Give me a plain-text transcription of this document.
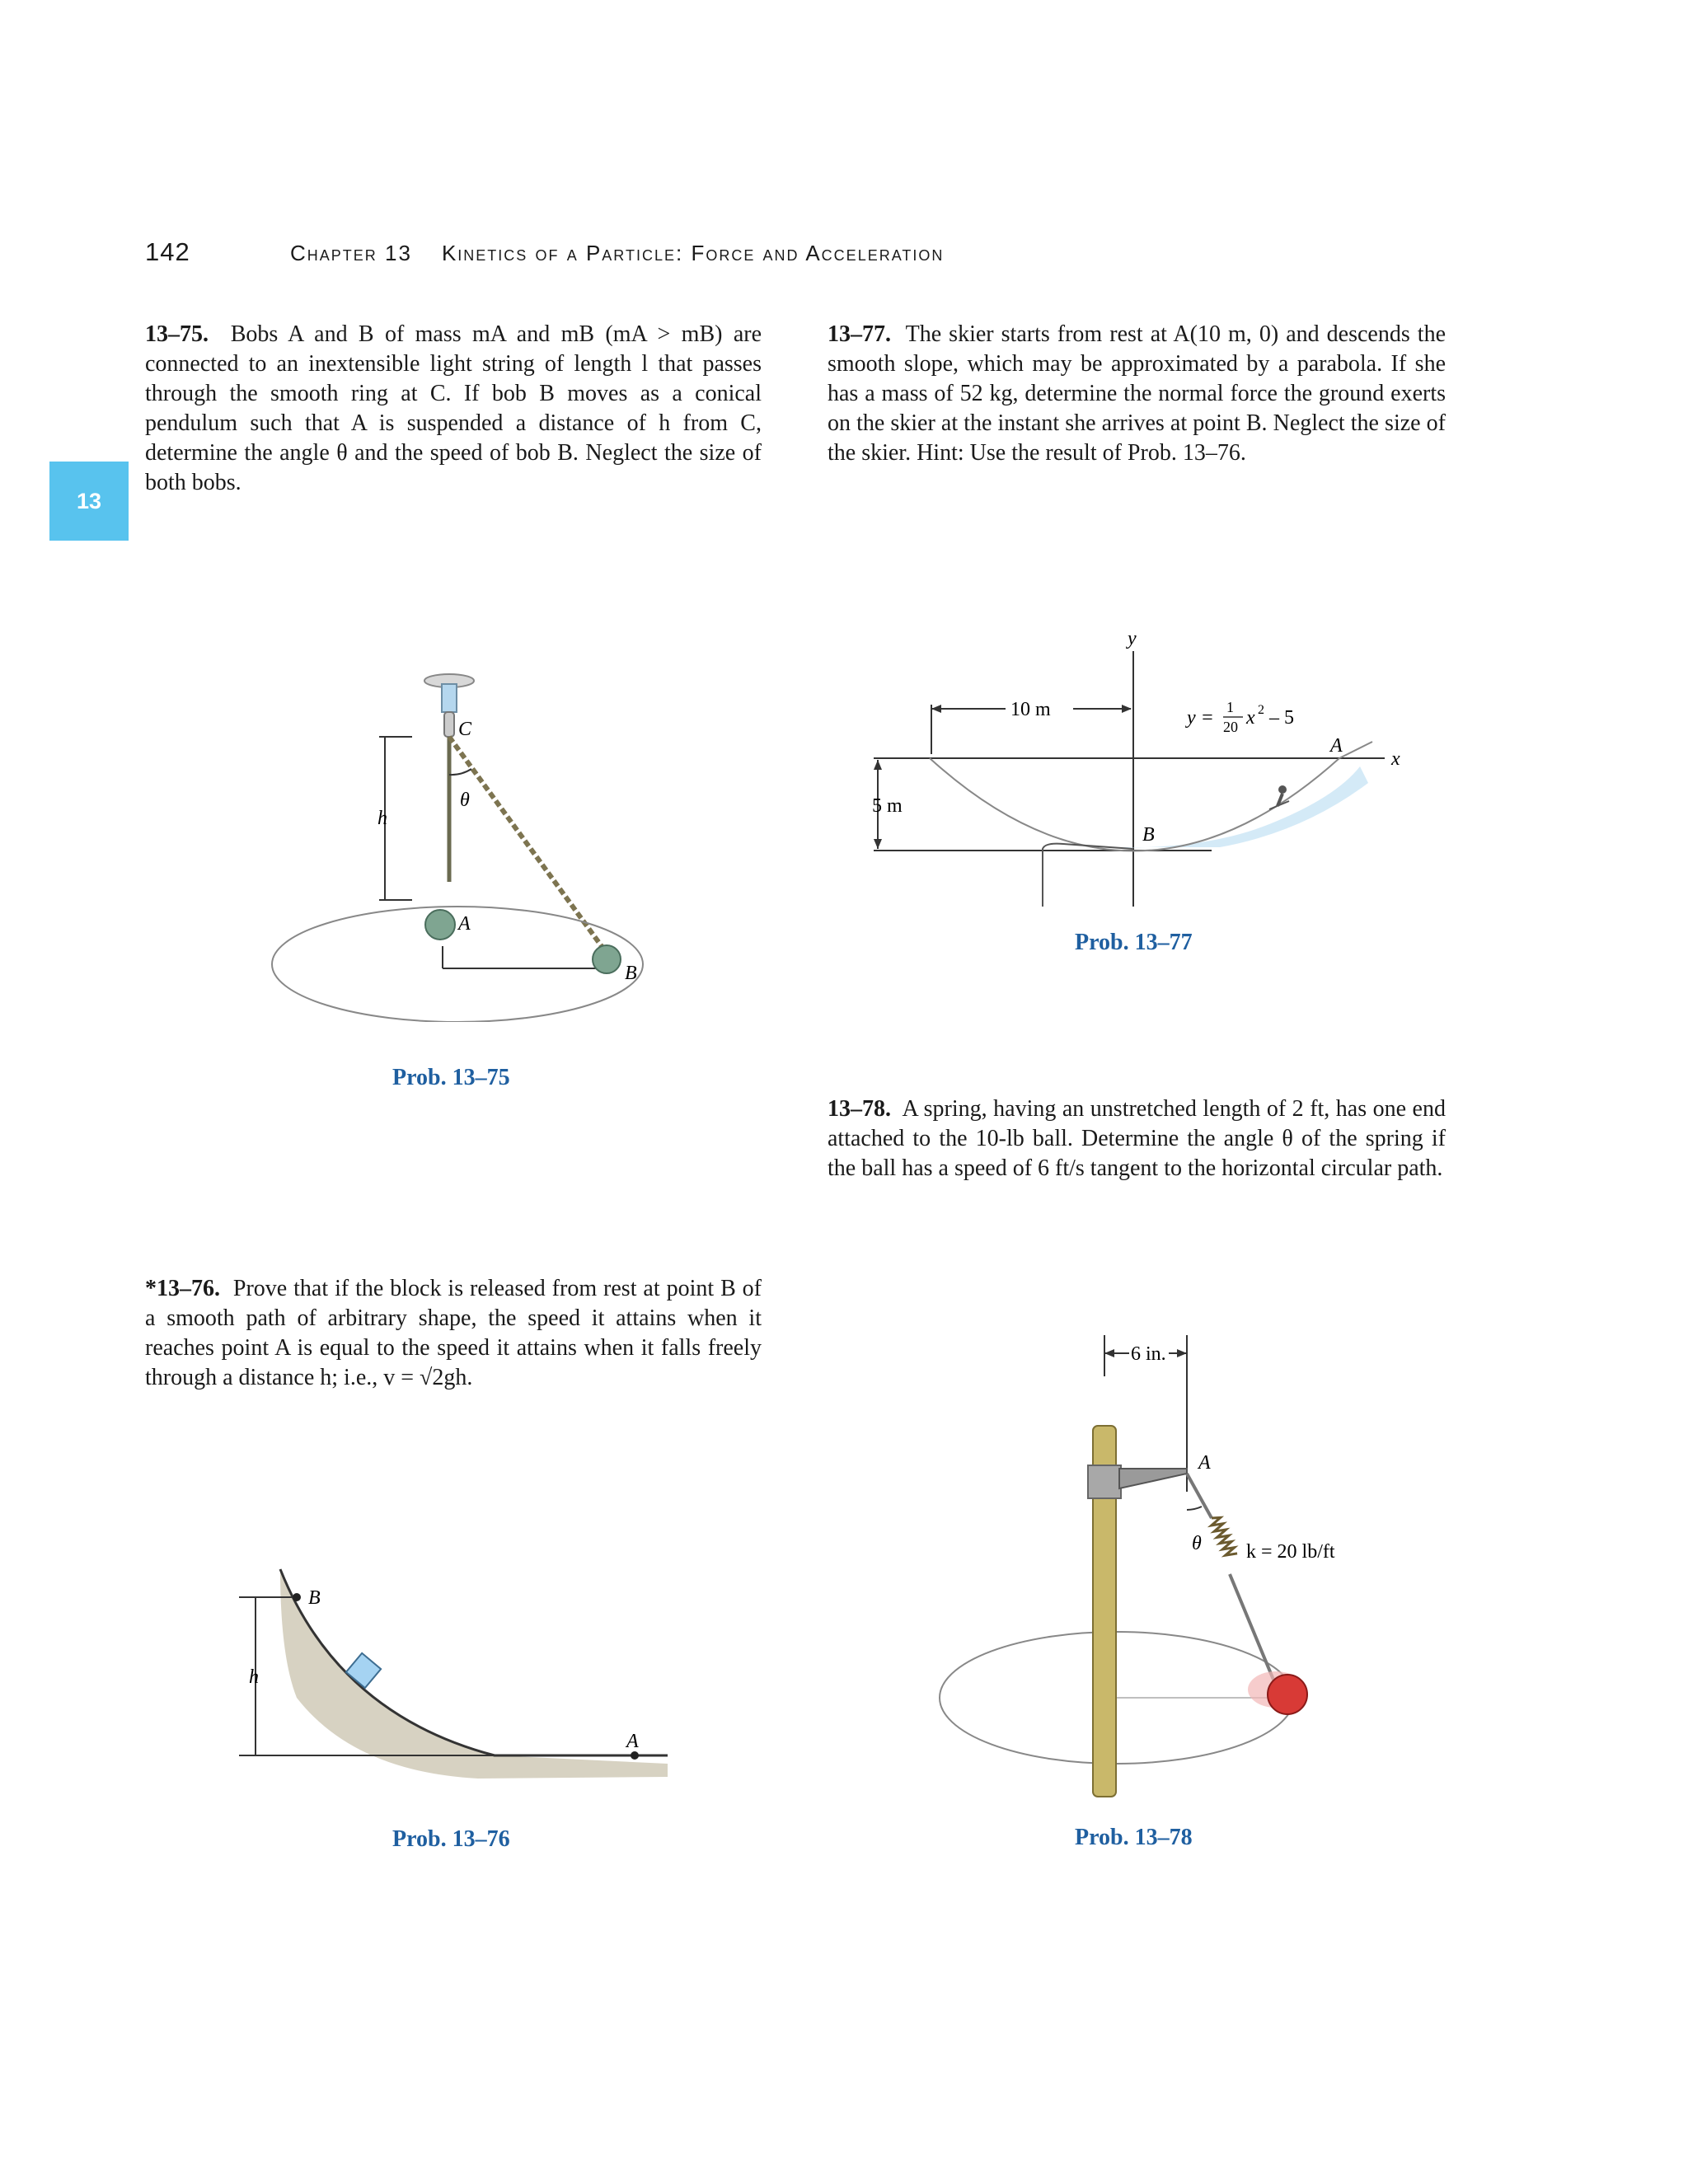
142	Chapter 13 Kinetics of a Particle: Force and Acceleration
13
13–75. Bobs A and B of mass mA and mB (mA > mB) are connected to an inextensible light string of length l that passes through the smooth ring at C. If bob B moves as a conical pendulum such that A is suspended a distance of h from C, determine the angle θ and the speed of bob B. Neglect the size of both bobs.
13–77. The skier starts from rest at A(10 m, 0) and descends the smooth slope, which may be approximated by a parabola. If she has a mass of 52 kg, determine the normal force the ground exerts on the skier at the instant she arrives at point B. Neglect the size of the skier. Hint: Use the result of Prob. 13–76.
13–78. A spring, having an unstretched length of 2 ft, has one end attached to the 10-lb ball. Determine the angle θ of the spring if the ball has a speed of 6 ft/s tangent to the horizontal circular path.
*13–76. Prove that if the block is released from rest at point B of a smooth path of arbitrary shape, the speed it attains when it reaches point A is equal to the speed it attains when it falls freely through a distance h; i.e., v = √2gh.
C
θ
h
A
B
Prob. 13–75
y
x
10 m
5 m
A
B
y = 1
20 x 2 – 5
Prob. 13–77
B
h
A
Prob. 13–76
6 in.
A
θ k = 20 lb/ft
Prob. 13–78
